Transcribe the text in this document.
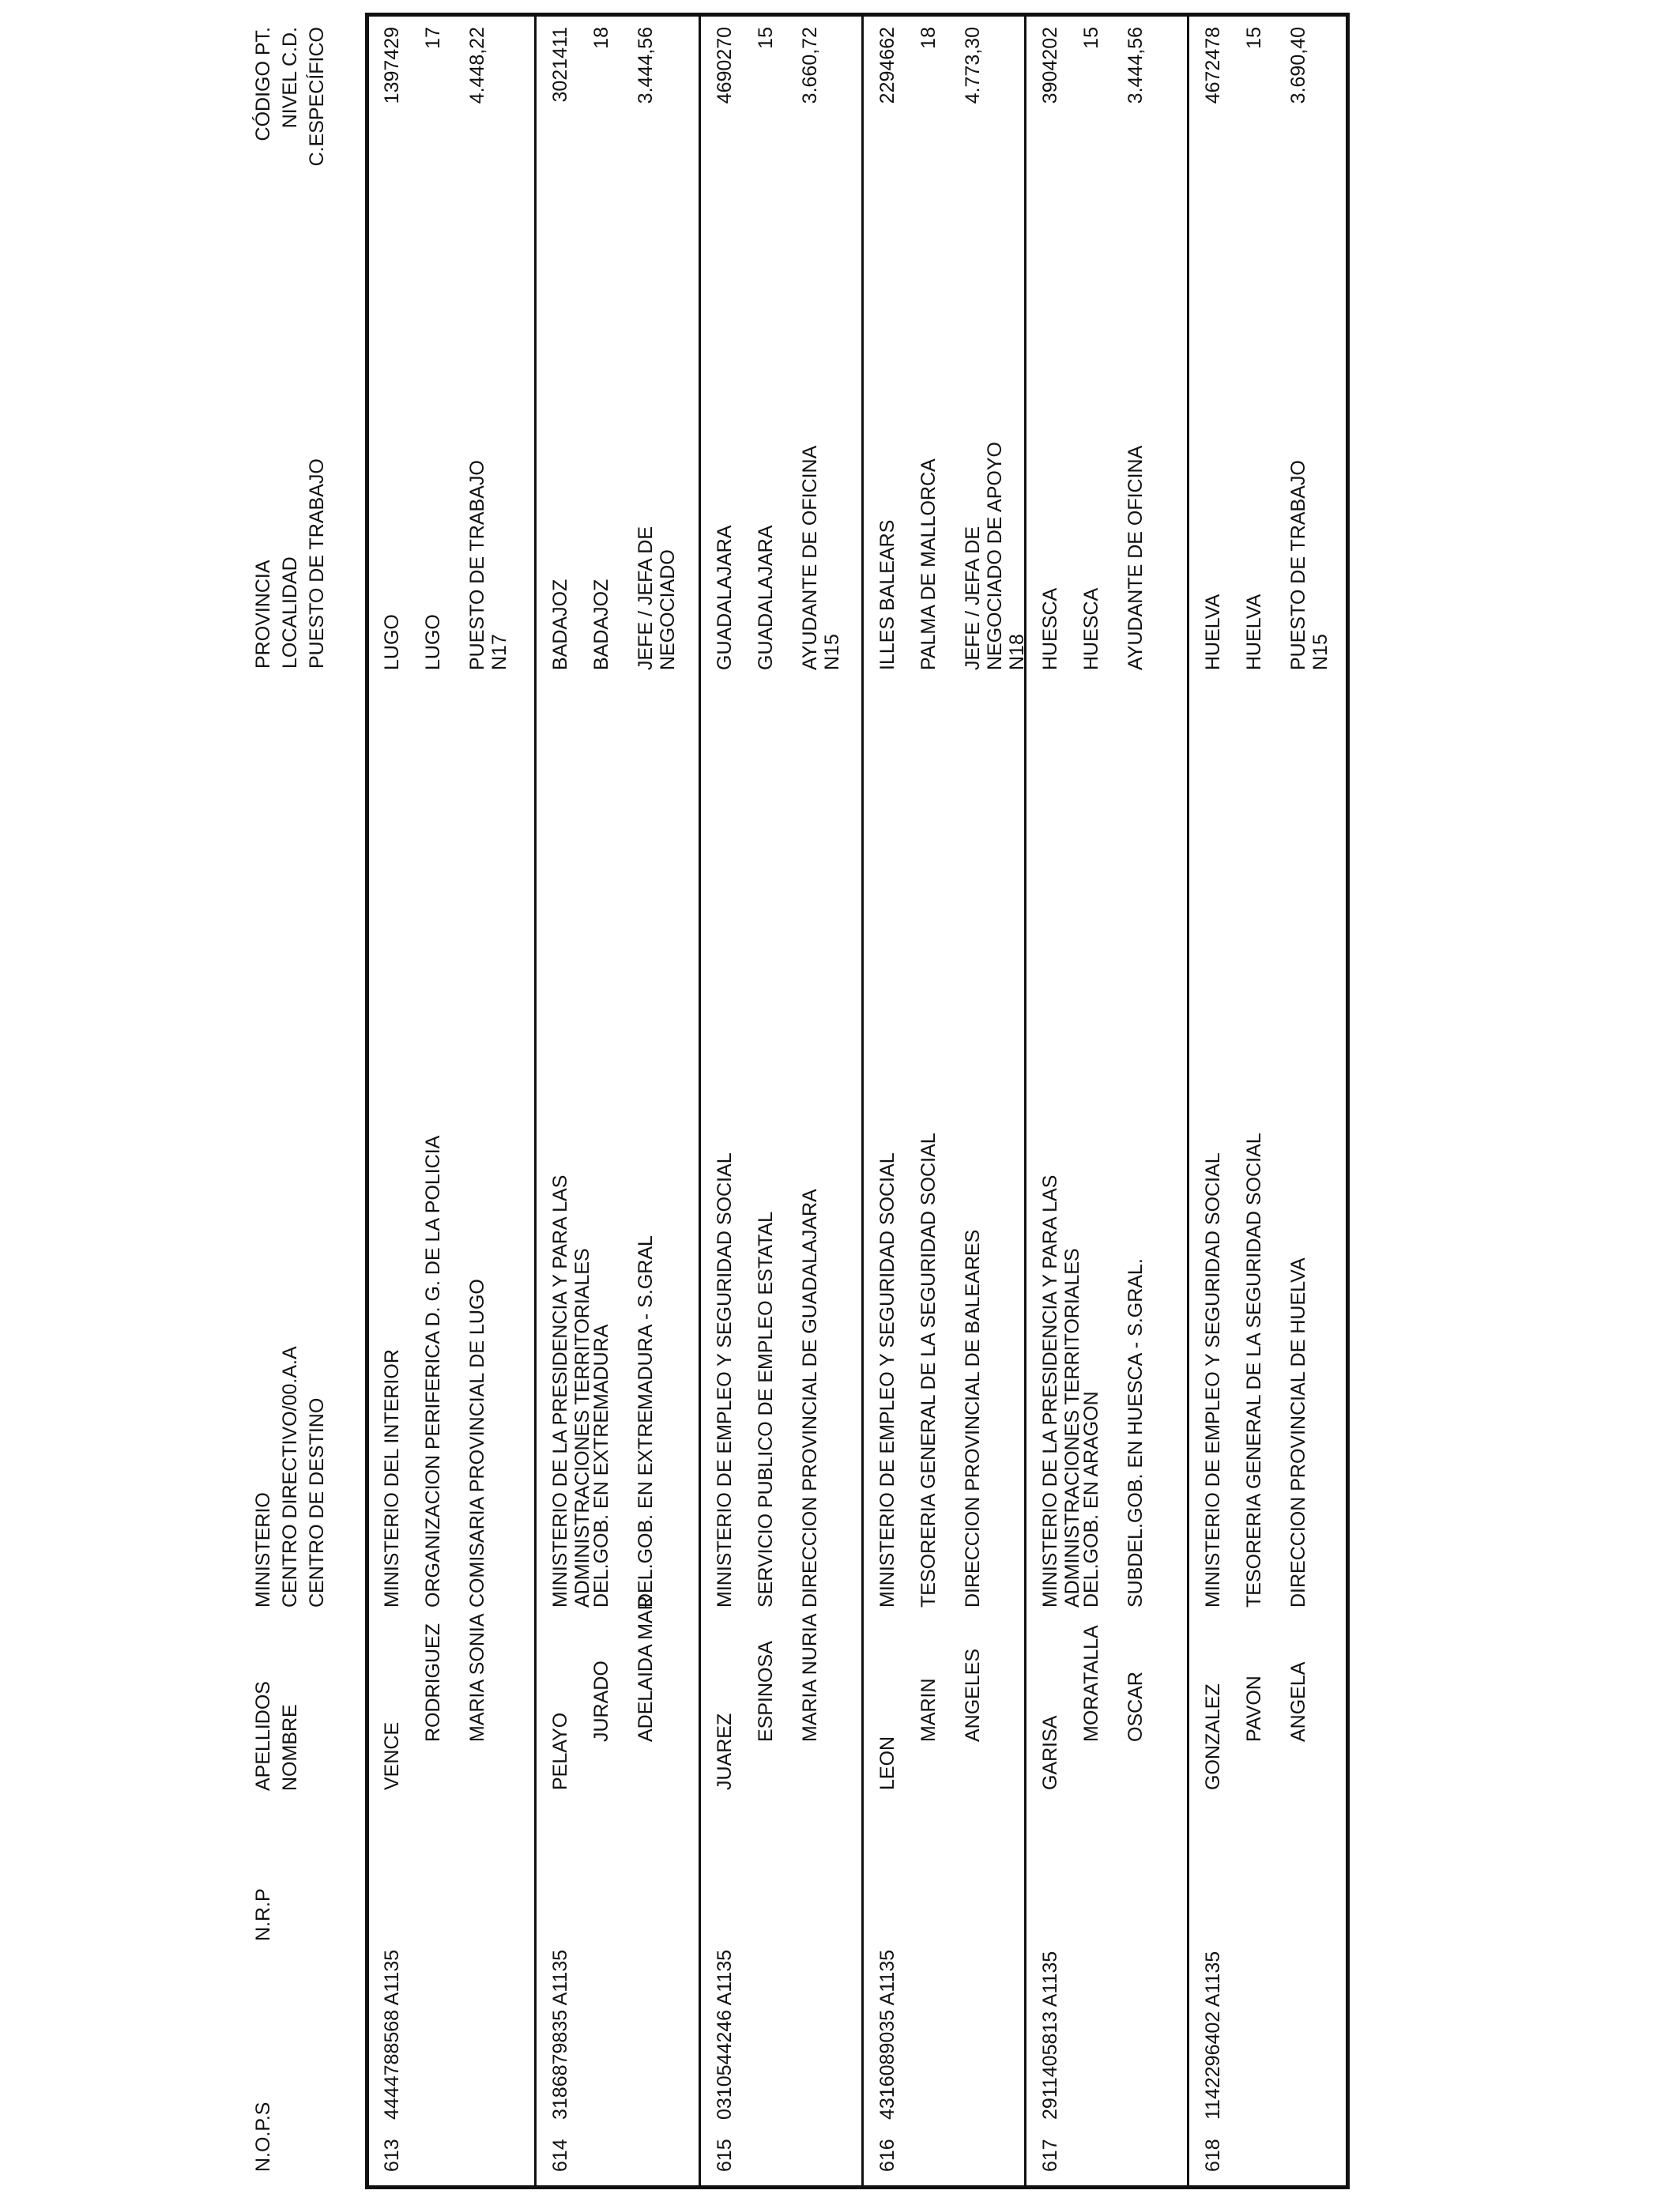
N.O.P.S
N.R.P
APELLIDOS NOMBRE
MINISTERIO CENTRO DIRECTIVO/00.A.A CENTRO DE DESTINO
PROVINCIA LOCALIDAD PUESTO DE TRABAJO
CÓDIGO PT. NIVEL C.D. C.ESPECÍFICO
613
4444788568 A1135
VENCE
RODRIGUEZ MARIA SONIA
MINISTERIO DEL INTERIOR ORGANIZACION PERIFERICA D. G. DE LA POLICIA COMISARIA PROVINCIAL DE LUGO
LUGO LUGO PUESTO DE TRABAJO N17
1397429 17 4.448,22
614
3186879835 A1135
PELAYO
JURADO ADELAIDA MAR
MINISTERIO DE LA PRESIDENCIA Y PARA LAS ADMINISTRACIONES TERRITORIALES
DEL.GOB. EN EXTREMADURA DEL.GOB. EN EXTREMADURA - S.GRAL
BADAJOZ BADAJOZ JEFE / JEFA DE NEGOCIADO
3021411 18 3.444,56
615
0310544246 A1135
JUAREZ
ESPINOSA MARIA NURIA
MINISTERIO DE EMPLEO Y SEGURIDAD SOCIAL SERVICIO PUBLICO DE EMPLEO ESTATAL DIRECCION PROVINCIAL DE GUADALAJARA
GUADALAJARA GUADALAJARA AYUDANTE DE OFICINA N15
4690270 15 3.660,72
616
4316089035 A1135
LEON
MARIN ANGELES
MINISTERIO DE EMPLEO Y SEGURIDAD SOCIAL TESORERIA GENERAL DE LA SEGURIDAD SOCIAL DIRECCION PROVINCIAL DE BALEARES
ILLES BALEARS PALMA DE MALLORCA JEFE / JEFA DE NEGOCIADO DE APOYO N18
2294662 18 4.773,30
617
2911405813 A1135
GARISA
MORATALLA OSCAR
MINISTERIO DE LA PRESIDENCIA Y PARA LAS ADMINISTRACIONES TERRITORIALES
DEL.GOB. EN ARAGON SUBDEL.GOB. EN HUESCA - S.GRAL.
HUESCA HUESCA AYUDANTE DE OFICINA
3904202 15 3.444,56
618
1142296402 A1135
GONZALEZ PAVON ANGELA
MINISTERIO DE EMPLEO Y SEGURIDAD SOCIAL TESORERIA GENERAL DE LA SEGURIDAD SOCIAL DIRECCION PROVINCIAL DE HUELVA
HUELVA HUELVA PUESTO DE TRABAJO N15
4672478 15 3.690,40
